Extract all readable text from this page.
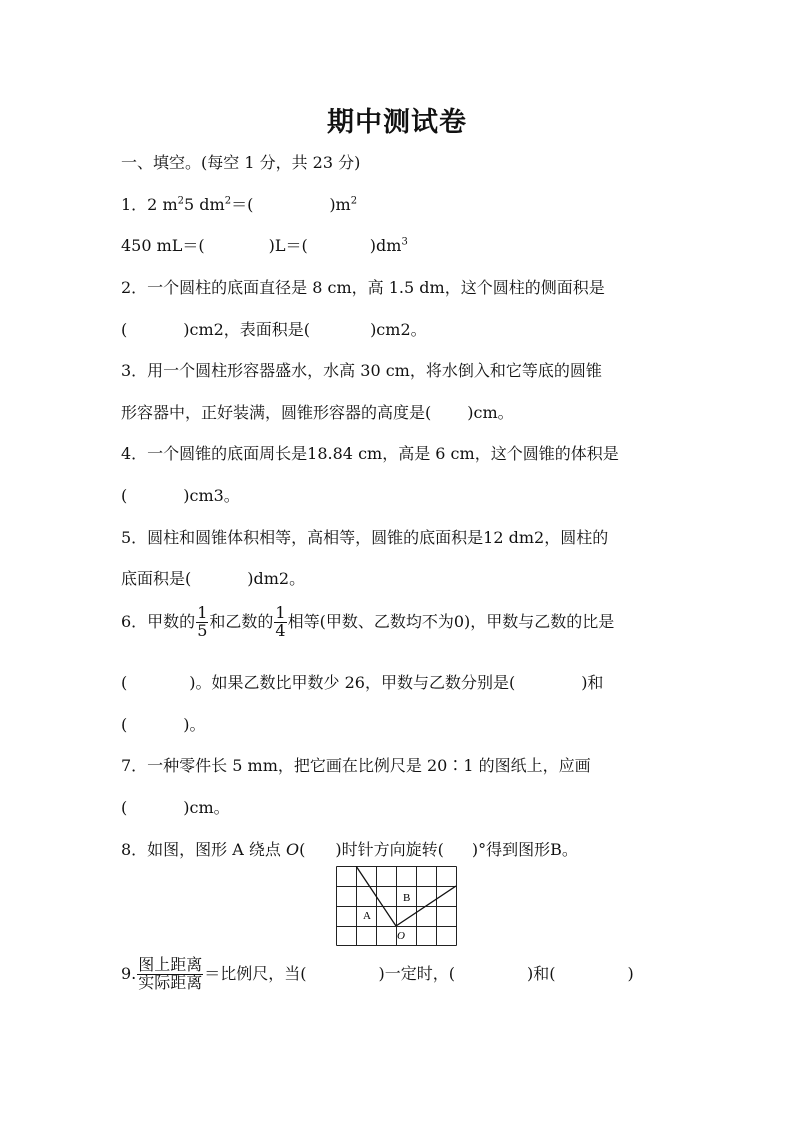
期中测试卷
一、填空。(每空 1 分，共 23 分)
1．2 $m^25$ $dm^2=$(	)$m^2$
450 mL＝(	)L＝(	)$dm^3$
2．一个圆柱的底面直径是 8 cm，高 1.5 dm，这个圆柱的侧面积是
(	)cm2，表面积是(	)cm2。
3．用一个圆柱形容器盛水，水高 30 cm，将水倒入和它等底的圆锥
形容器中，正好装满，圆锥形容器的高度是( )cm。
4．一个圆锥的底面周长是18.84 cm，高是 6 cm，这个圆锥的体积是
(	)cm3。
5．圆柱和圆锥体积相等，高相等，圆锥的底面积是12 dm2，圆柱的
底面积是(	)dm2。
6．甲数的 $\frac{1}{5}$ 和乙数的 $\frac{1}{4}$ 相等(甲数、乙数均不为0)，甲数与乙数的比是
(	)。如果乙数比甲数少 26，甲数与乙数分别是(	)和
(	)。
7．一种零件长 5 mm，把它画在比例尺是 20∶1 的图纸上，应画
(	)cm。
8．如图，图形 A 绕点 O( )时针方向旋转( )°得到图形B。
A
B
O
9. $\frac{\text{图上距离}}{\text{实际距离}}$ ＝比例尺，当(	)一定时，(	)和(	)
